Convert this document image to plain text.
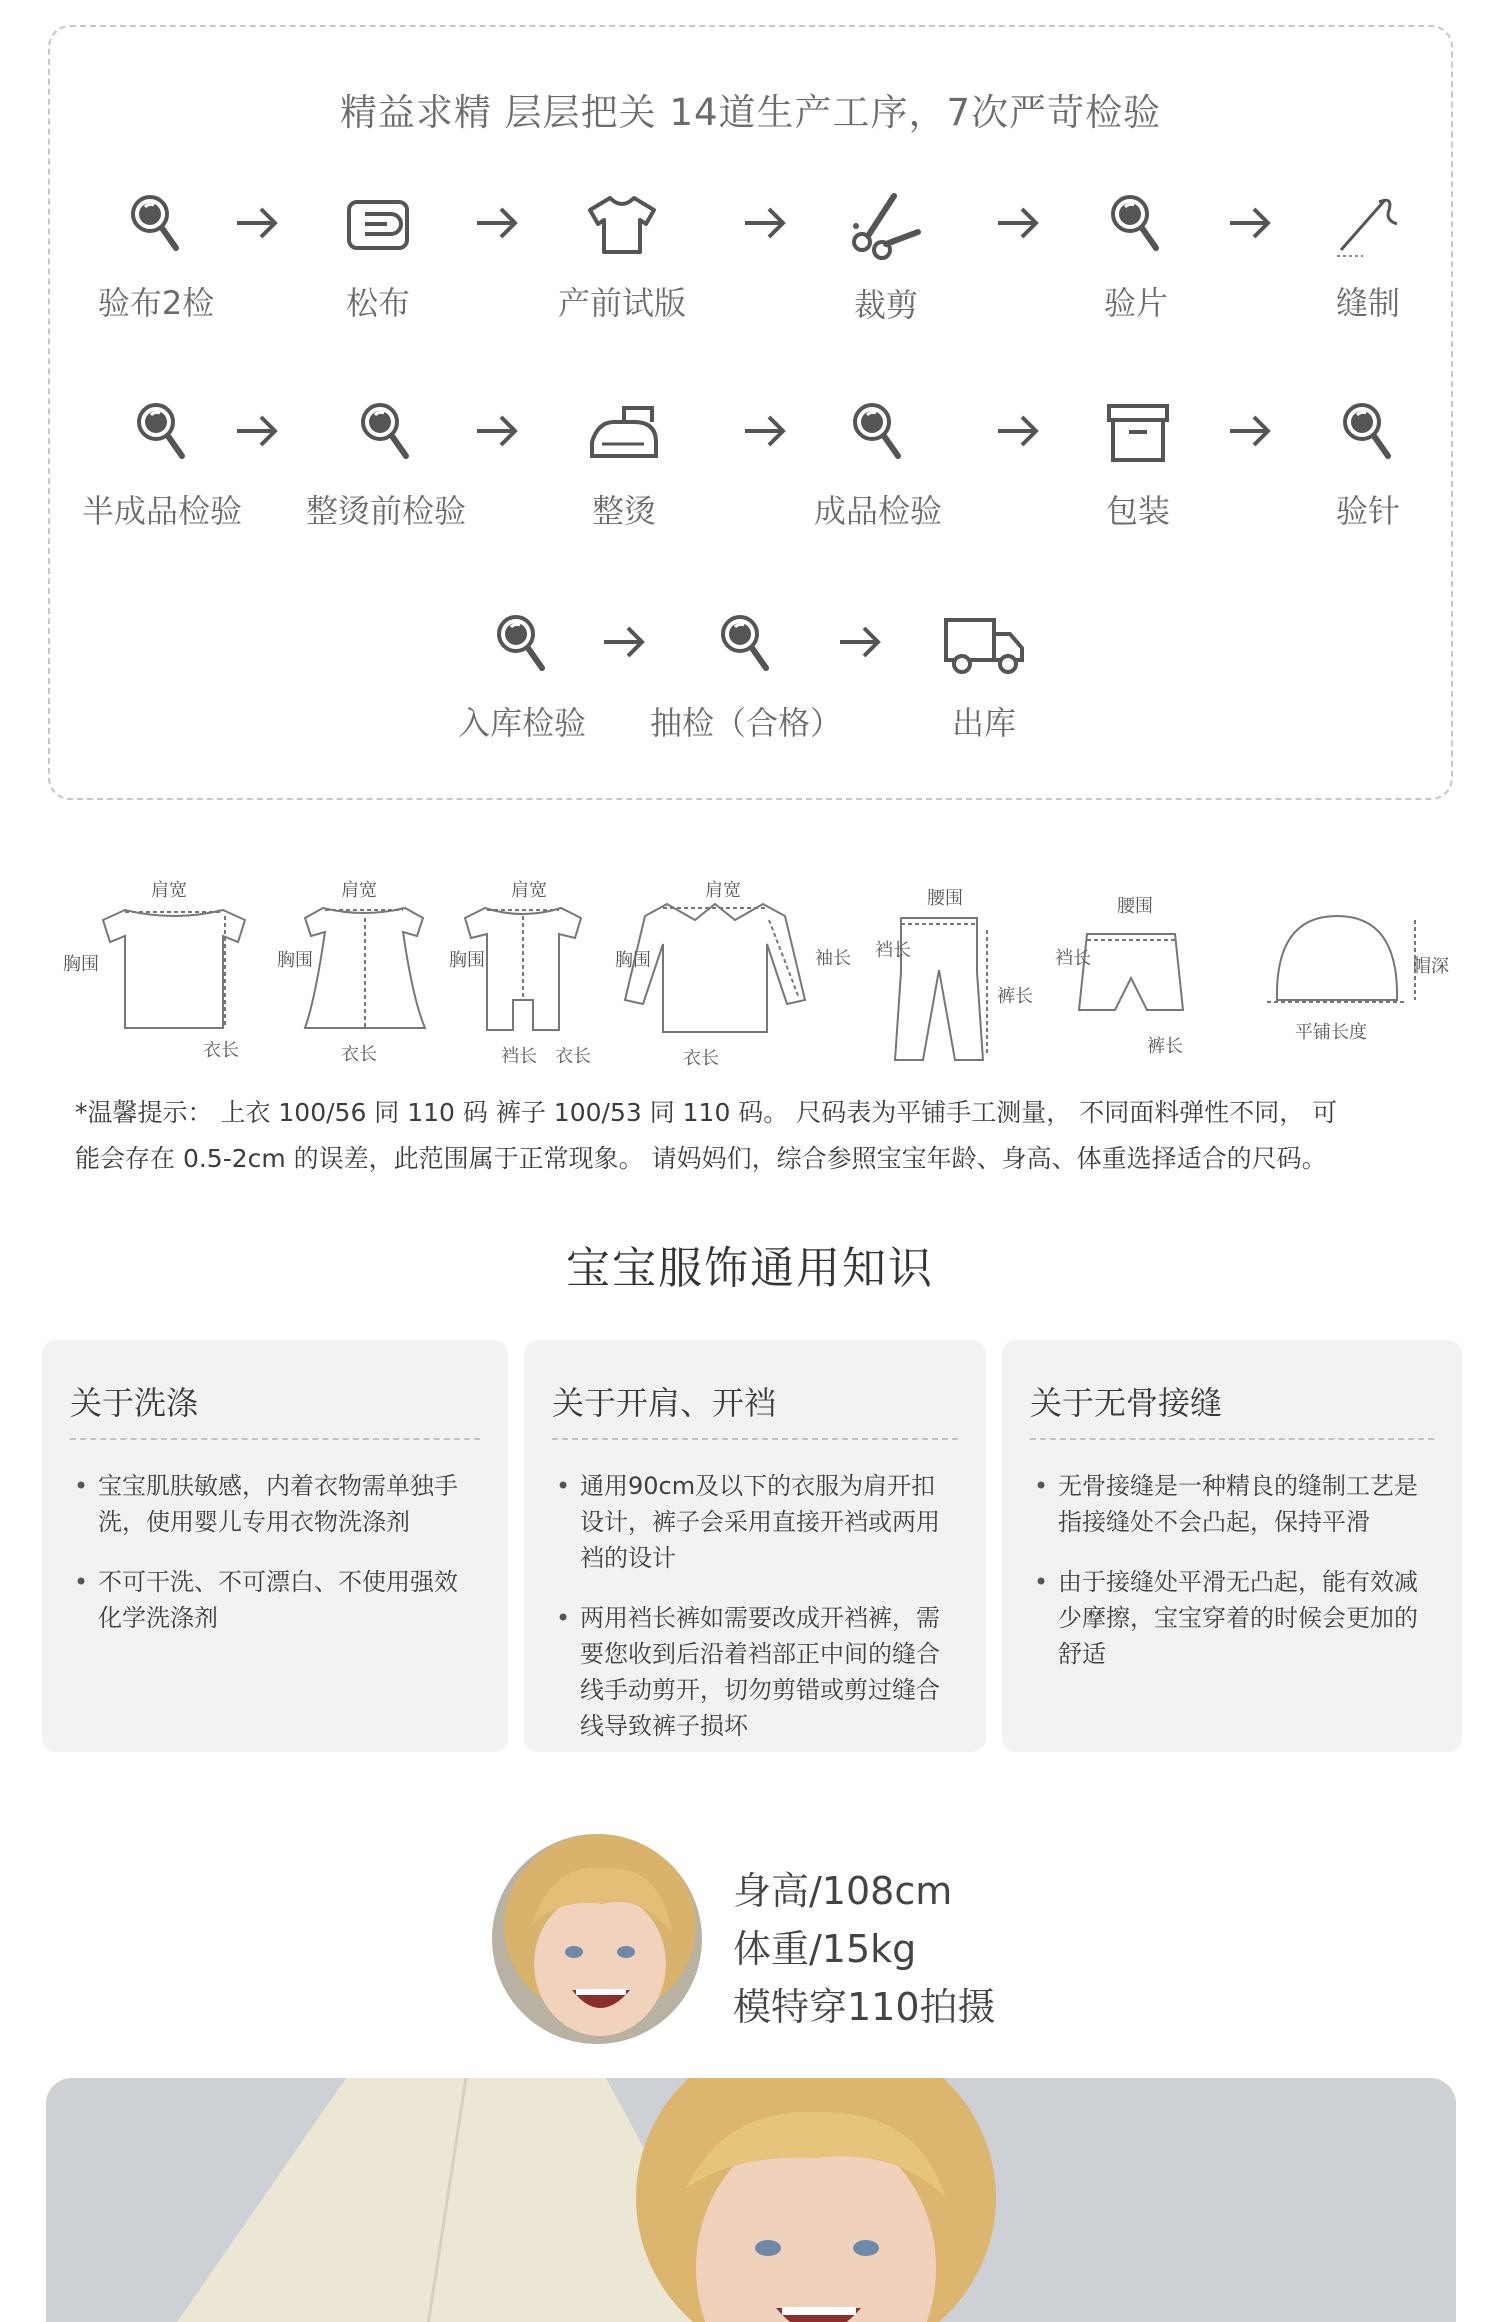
精益求精 层层把关 14道生产工序，7次严苛检验
验布2检	松布	产前试版	裁剪	验片	缝制
半成品检验	整烫前检验	整烫	成品检验	包装	验针
入库检验	抽检（合格）	出库
肩宽
胸围
衣长
肩宽
胸围
衣长
肩宽
胸围
裆长 衣长
肩宽
胸围	袖长
衣长
腰围
裆长
裤长
腰围
裆长
裤长
帽深
平铺长度
*温馨提示： 上衣 100/56 同 110 码 裤子 100/53 同 110 码。 尺码表为平铺手工测量， 不同面料弹性不同， 可
能会存在 0.5-2cm 的误差，此范围属于正常现象。 请妈妈们，综合参照宝宝年龄、身高、体重选择适合的尺码。
宝宝服饰通用知识
关于洗涤
• 宝宝肌肤敏感，内着衣物需单独手洗，使用婴儿专用衣物洗涤剂
• 不可干洗、不可漂白、不使用强效化学洗涤剂
关于开肩、开裆
• 通用90cm及以下的衣服为肩开扣设计，裤子会采用直接开裆或两用裆的设计
• 两用裆长裤如需要改成开裆裤，需要您收到后沿着裆部正中间的缝合线手动剪开，切勿剪错或剪过缝合线导致裤子损坏
关于无骨接缝
• 无骨接缝是一种精良的缝制工艺是指接缝处不会凸起，保持平滑
• 由于接缝处平滑无凸起，能有效减少摩擦，宝宝穿着的时候会更加的舒适
身高/108cm
体重/15kg
模特穿110拍摄
